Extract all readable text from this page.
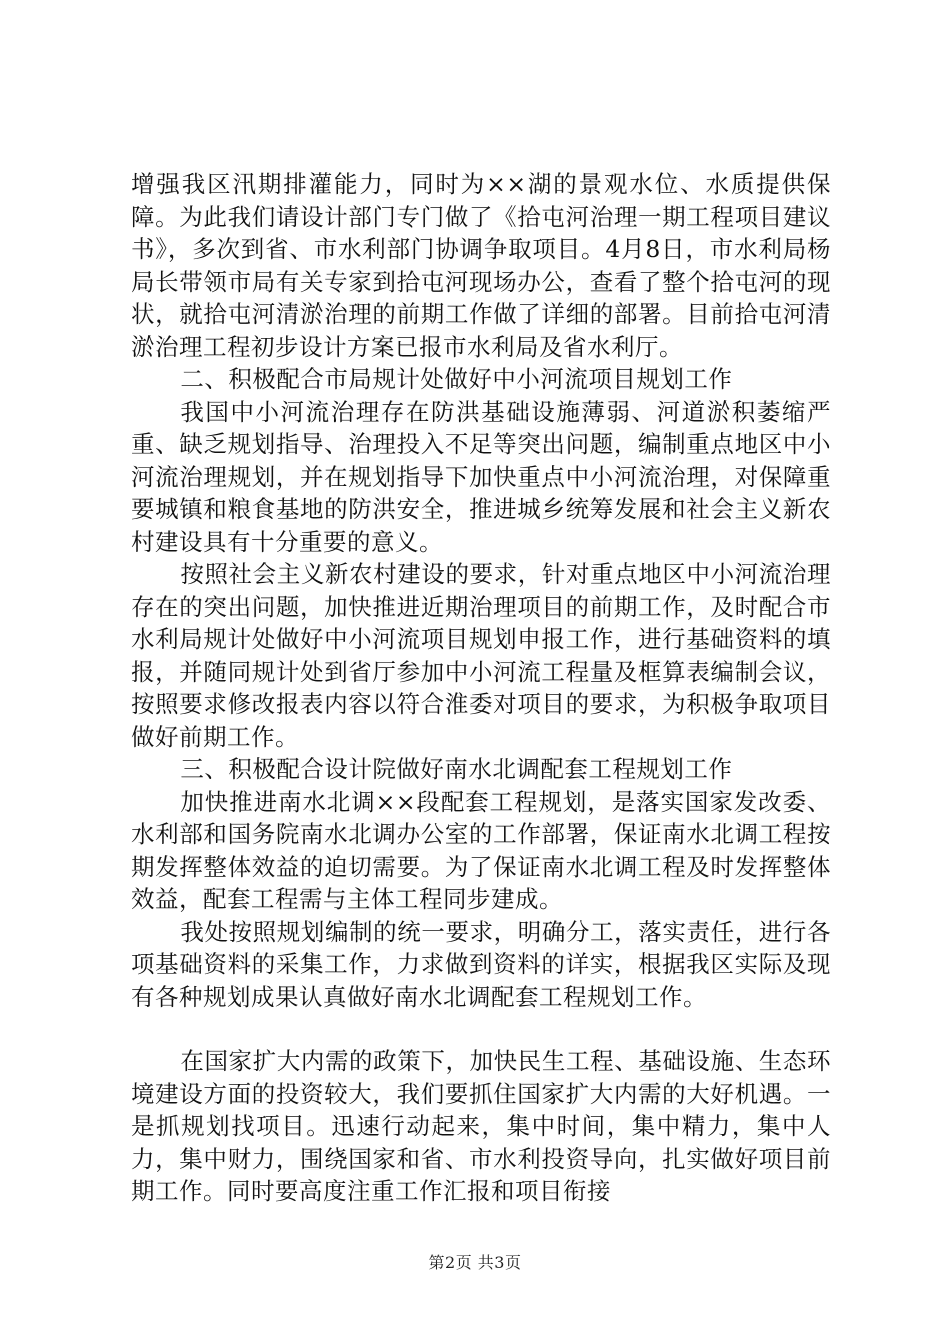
增强我区汛期排灌能力，同时为××湖的景观水位、水质提供保障。为此我们请设计部门专门做了《拾屯河治理一期工程项目建议书》，多次到省、市水利部门协调争取项目。4月8日，市水利局杨局长带领市局有关专家到拾屯河现场办公，查看了整个拾屯河的现状，就拾屯河清淤治理的前期工作做了详细的部署。目前拾屯河清淤治理工程初步设计方案已报市水利局及省水利厅。

二、积极配合市局规计处做好中小河流项目规划工作

我国中小河流治理存在防洪基础设施薄弱、河道淤积萎缩严重、缺乏规划指导、治理投入不足等突出问题，编制重点地区中小河流治理规划，并在规划指导下加快重点中小河流治理，对保障重要城镇和粮食基地的防洪安全，推进城乡统筹发展和社会主义新农村建设具有十分重要的意义。

按照社会主义新农村建设的要求，针对重点地区中小河流治理存在的突出问题，加快推进近期治理项目的前期工作，及时配合市水利局规计处做好中小河流项目规划申报工作，进行基础资料的填报，并随同规计处到省厅参加中小河流工程量及框算表编制会议，按照要求修改报表内容以符合淮委对项目的要求，为积极争取项目做好前期工作。

三、积极配合设计院做好南水北调配套工程规划工作

加快推进南水北调××段配套工程规划，是落实国家发改委、水利部和国务院南水北调办公室的工作部署，保证南水北调工程按期发挥整体效益的迫切需要。为了保证南水北调工程及时发挥整体效益，配套工程需与主体工程同步建成。

我处按照规划编制的统一要求，明确分工，落实责任，进行各项基础资料的采集工作，力求做到资料的详实，根据我区实际及现有各种规划成果认真做好南水北调配套工程规划工作。

在国家扩大内需的政策下，加快民生工程、基础设施、生态环境建设方面的投资较大，我们要抓住国家扩大内需的大好机遇。一是抓规划找项目。迅速行动起来，集中时间，集中精力，集中人力，集中财力，围绕国家和省、市水利投资导向，扎实做好项目前期工作。同时要高度注重工作汇报和项目衔接

第2页 共3页
